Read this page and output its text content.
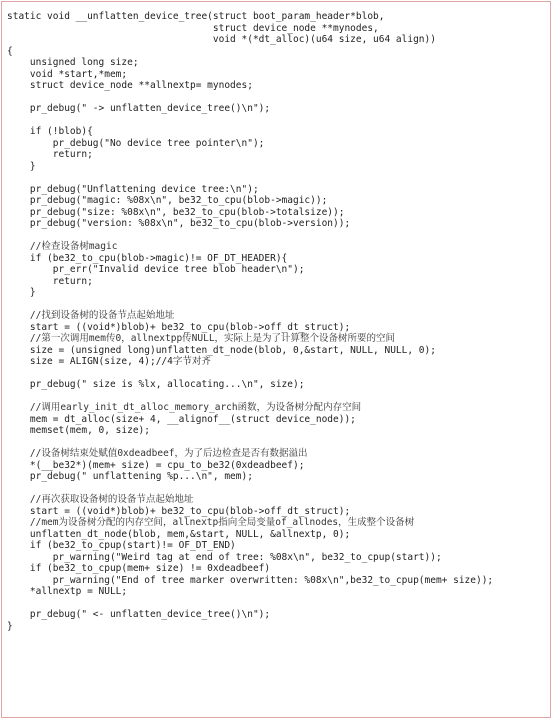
static void __unflatten_device_tree(struct boot_param_header*blob,
struct device_node **mynodes,
void *(*dt_alloc)(u64 size, u64 align))
{
unsigned long size;
void *start,*mem;
struct device_node **allnextp= mynodes;
pr_debug(" -> unflatten_device_tree()\n");
if (!blob){
pr_debug("No device tree pointer\n");
return;
}
pr_debug("Unflattening device tree:\n");
pr_debug("magic: %08x\n", be32_to_cpu(blob->magic));
pr_debug("size: %08x\n", be32_to_cpu(blob->totalsize));
pr_debug("version: %08x\n", be32_to_cpu(blob->version));
//检查设备树magic
if (be32_to_cpu(blob->magic)!= OF_DT_HEADER){
pr_err("Invalid device tree blob header\n");
return;
}
//找到设备树的设备节点起始地址
start = ((void*)blob)+ be32_to_cpu(blob->off_dt_struct);
//第一次调用mem传0，allnextpp传NULL，实际上是为了计算整个设备树所要的空间
size = (unsigned long)unflatten_dt_node(blob, 0,&start, NULL, NULL, 0);
size = ALIGN(size, 4);//4字节对齐
pr_debug(" size is %lx, allocating...\n", size);
//调用early_init_dt_alloc_memory_arch函数，为设备树分配内存空间
mem = dt_alloc(size+ 4, __alignof__(struct device_node));
memset(mem, 0, size);
//设备树结束处赋值0xdeadbeef，为了后边检查是否有数据溢出
*(__be32*)(mem+ size) = cpu_to_be32(0xdeadbeef);
pr_debug(" unflattening %p...\n", mem);
//再次获取设备树的设备节点起始地址
start = ((void*)blob)+ be32_to_cpu(blob->off_dt_struct);
//mem为设备树分配的内存空间，allnextp指向全局变量of_allnodes，生成整个设备树
unflatten_dt_node(blob, mem,&start, NULL, &allnextp, 0);
if (be32_to_cpup(start)!= OF_DT_END)
pr_warning("Weird tag at end of tree: %08x\n", be32_to_cpup(start));
if (be32_to_cpup(mem+ size) != 0xdeadbeef)
pr_warning("End of tree marker overwritten: %08x\n",be32_to_cpup(mem+ size));
*allnextp = NULL;
pr_debug(" <- unflatten_device_tree()\n");
}
